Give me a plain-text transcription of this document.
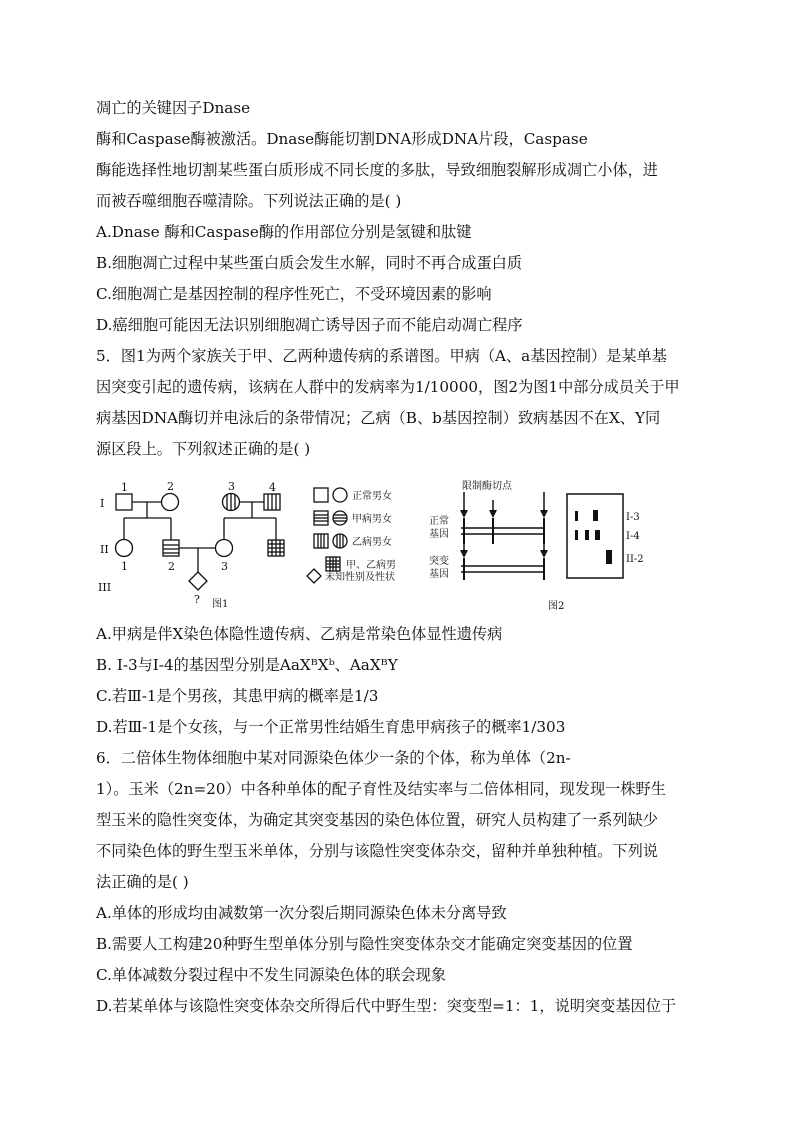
凋亡的关键因子Dnase
酶和Caspase酶被激活。Dnase酶能切割DNA形成DNA片段，Caspase
酶能选择性地切割某些蛋白质形成不同长度的多肽，导致细胞裂解形成凋亡小体，进
而被吞噬细胞吞噬清除。下列说法正确的是( )
A.Dnase 酶和Caspase酶的作用部位分别是氢键和肽键
B.细胞凋亡过程中某些蛋白质会发生水解，同时不再合成蛋白质
C.细胞凋亡是基因控制的程序性死亡，不受环境因素的影响
D.癌细胞可能因无法识别细胞凋亡诱导因子而不能启动凋亡程序
5．图1为两个家族关于甲、乙两种遗传病的系谱图。甲病（A、a基因控制）是某单基
因突变引起的遗传病，该病在人群中的发病率为1/10000，图2为图1中部分成员关于甲
病基因DNA酶切并电泳后的条带情况；乙病（B、b基因控制）致病基因不在X、Y同
源区段上。下列叙述正确的是( )
I
II
III
1	2	3	4
1	2	3
?
正常男女
甲病男女
乙病男女
甲、乙病男
未知性别及性状
图1
限制酶切点
正常
基因
突变
基因
I-3
I-4
II-2
图2
A.甲病是伴X染色体隐性遗传病、乙病是常染色体显性遗传病
B. Ⅰ-3与Ⅰ-4的基因型分别是AaXᴮXᵇ、AaXᴮY
C.若Ⅲ-1是个男孩，其患甲病的概率是1/3
D.若Ⅲ-1是个女孩，与一个正常男性结婚生育患甲病孩子的概率1/303
6．二倍体生物体细胞中某对同源染色体少一条的个体，称为单体（2n-
1）。玉米（2n=20）中各种单体的配子育性及结实率与二倍体相同，现发现一株野生
型玉米的隐性突变体，为确定其突变基因的染色体位置，研究人员构建了一系列缺少
不同染色体的野生型玉米单体，分别与该隐性突变体杂交，留种并单独种植。下列说
法正确的是( )
A.单体的形成均由减数第一次分裂后期同源染色体未分离导致
B.需要人工构建20种野生型单体分别与隐性突变体杂交才能确定突变基因的位置
C.单体减数分裂过程中不发生同源染色体的联会现象
D.若某单体与该隐性突变体杂交所得后代中野生型：突变型=1：1，说明突变基因位于
